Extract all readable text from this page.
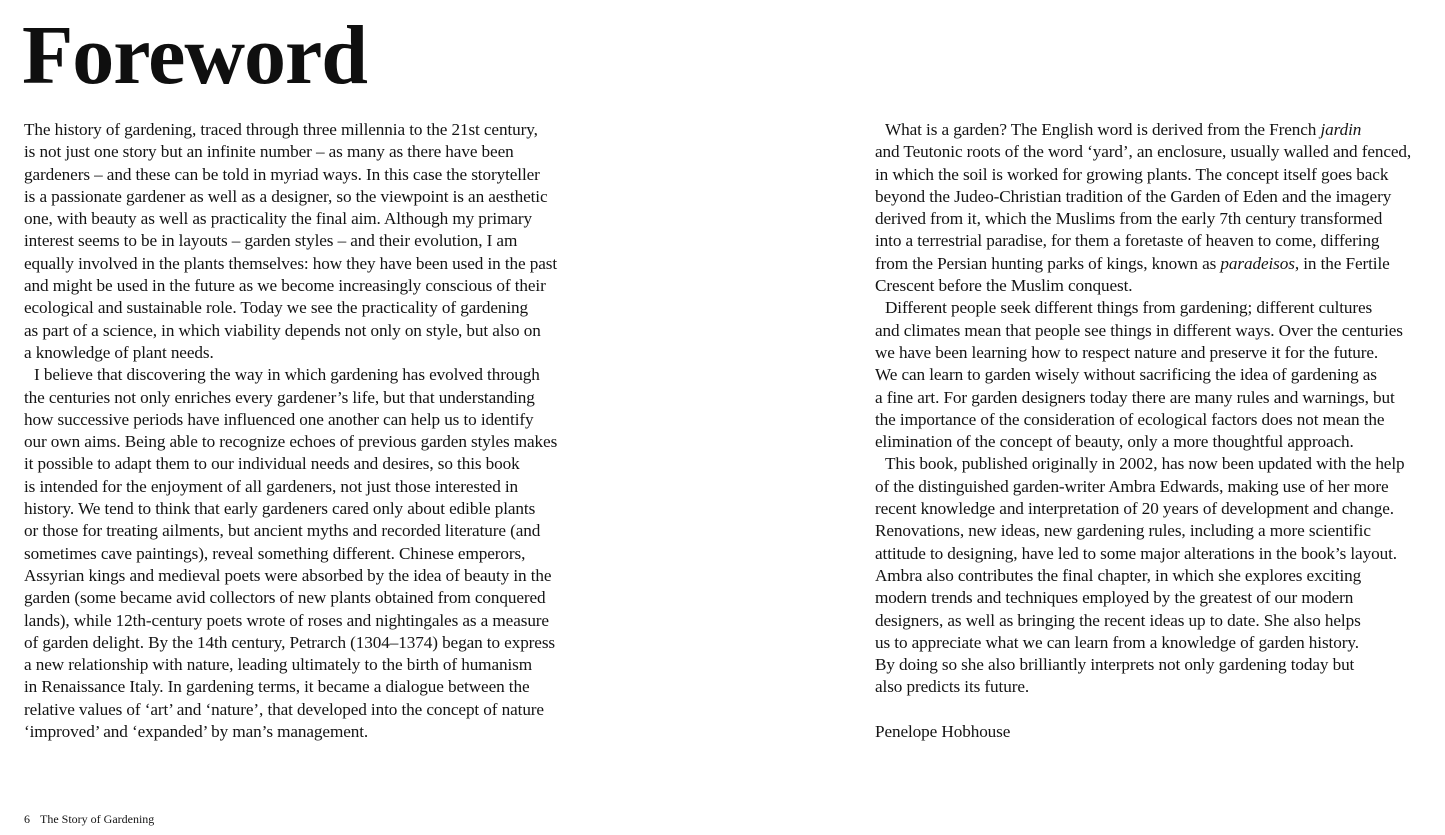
Foreword
The history of gardening, traced through three millennia to the 21st century,
is not just one story but an infinite number – as many as there have been
gardeners – and these can be told in myriad ways. In this case the storyteller
is a passionate gardener as well as a designer, so the viewpoint is an aesthetic
one, with beauty as well as practicality the final aim. Although my primary
interest seems to be in layouts – garden styles – and their evolution, I am
equally involved in the plants themselves: how they have been used in the past
and might be used in the future as we become increasingly conscious of their
ecological and sustainable role. Today we see the practicality of gardening
as part of a science, in which viability depends not only on style, but also on
a knowledge of plant needs.
I believe that discovering the way in which gardening has evolved through
the centuries not only enriches every gardener’s life, but that understanding
how successive periods have influenced one another can help us to identify
our own aims. Being able to recognize echoes of previous garden styles makes
it possible to adapt them to our individual needs and desires, so this book
is intended for the enjoyment of all gardeners, not just those interested in
history. We tend to think that early gardeners cared only about edible plants
or those for treating ailments, but ancient myths and recorded literature (and
sometimes cave paintings), reveal something different. Chinese emperors,
Assyrian kings and medieval poets were absorbed by the idea of beauty in the
garden (some became avid collectors of new plants obtained from conquered
lands), while 12th-century poets wrote of roses and nightingales as a measure
of garden delight. By the 14th century, Petrarch (1304–1374) began to express
a new relationship with nature, leading ultimately to the birth of humanism
in Renaissance Italy. In gardening terms, it became a dialogue between the
relative values of ‘art’ and ‘nature’, that developed into the concept of nature
‘improved’ and ‘expanded’ by man’s management.
What is a garden? The English word is derived from the French jardin
and Teutonic roots of the word ‘yard’, an enclosure, usually walled and fenced,
in which the soil is worked for growing plants. The concept itself goes back
beyond the Judeo-Christian tradition of the Garden of Eden and the imagery
derived from it, which the Muslims from the early 7th century transformed
into a terrestrial paradise, for them a foretaste of heaven to come, differing
from the Persian hunting parks of kings, known as paradeisos, in the Fertile
Crescent before the Muslim conquest.
Different people seek different things from gardening; different cultures
and climates mean that people see things in different ways. Over the centuries
we have been learning how to respect nature and preserve it for the future.
We can learn to garden wisely without sacrificing the idea of gardening as
a fine art. For garden designers today there are many rules and warnings, but
the importance of the consideration of ecological factors does not mean the
elimination of the concept of beauty, only a more thoughtful approach.
This book, published originally in 2002, has now been updated with the help
of the distinguished garden-writer Ambra Edwards, making use of her more
recent knowledge and interpretation of 20 years of development and change.
Renovations, new ideas, new gardening rules, including a more scientific
attitude to designing, have led to some major alterations in the book’s layout.
Ambra also contributes the final chapter, in which she explores exciting
modern trends and techniques employed by the greatest of our modern
designers, as well as bringing the recent ideas up to date. She also helps
us to appreciate what we can learn from a knowledge of garden history.
By doing so she also brilliantly interprets not only gardening today but
also predicts its future.
Penelope Hobhouse
6 The Story of Gardening
